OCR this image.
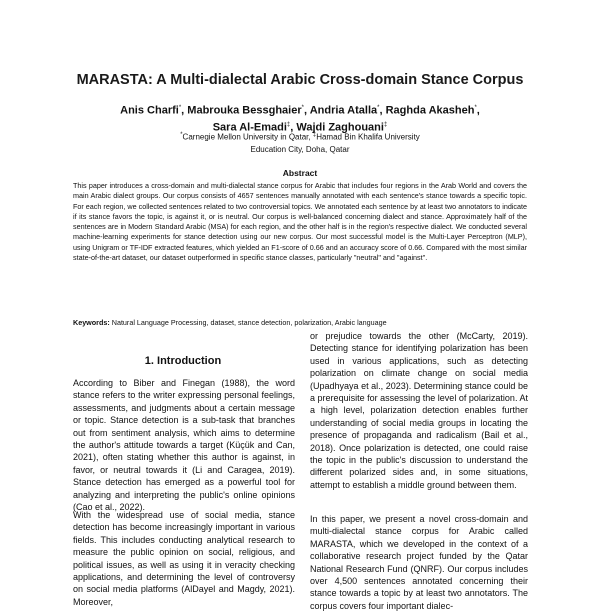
MARASTA: A Multi-dialectal Arabic Cross-domain Stance Corpus
Anis Charfi*, Mabrouka Bessghaier*, Andria Atalla*, Raghda Akasheh*,
Sara Al-Emadi‡, Wajdi Zaghouani‡
*Carnegie Mellon University in Qatar, ‡Hamad Bin Khalifa University
Education City, Doha, Qatar
Abstract
This paper introduces a cross-domain and multi-dialectal stance corpus for Arabic that includes four regions in the Arab World and covers the main Arabic dialect groups. Our corpus consists of 4657 sentences manually annotated with each sentence's stance towards a specific topic. For each region, we collected sentences related to two controversial topics. We annotated each sentence by at least two annotators to indicate if its stance favors the topic, is against it, or is neutral. Our corpus is well-balanced concerning dialect and stance. Approximately half of the sentences are in Modern Standard Arabic (MSA) for each region, and the other half is in the region's respective dialect. We conducted several machine-learning experiments for stance detection using our new corpus. Our most successful model is the Multi-Layer Perceptron (MLP), using Unigram or TF-IDF extracted features, which yielded an F1-score of 0.66 and an accuracy score of 0.66. Compared with the most similar state-of-the-art dataset, our dataset outperformed in specific stance classes, particularly "neutral" and "against".
Keywords: Natural Language Processing, dataset, stance detection, polarization, Arabic language
1. Introduction
According to Biber and Finegan (1988), the word stance refers to the writer expressing personal feelings, assessments, and judgments about a certain message or topic. Stance detection is a sub-task that branches out from sentiment analysis, which aims to determine the author's attitude towards a target (Küçük and Can, 2021), often stating whether this author is against, in favor, or neutral towards it (Li and Caragea, 2019). Stance detection has emerged as a powerful tool for analyzing and interpreting the public's online opinions (Cao et al., 2022).
With the widespread use of social media, stance detection has become increasingly important in various fields. This includes conducting analytical research to measure the public opinion on social, religious, and political issues, as well as using it in veracity checking applications, and determining the level of controversy on social media platforms (AlDayel and Magdy, 2021). Moreover,
or prejudice towards the other (McCarty, 2019). Detecting stance for identifying polarization has been used in various applications, such as detecting polarization on climate change on social media (Upadhyaya et al., 2023). Determining stance could be a prerequisite for assessing the level of polarization. At a high level, polarization detection enables further understanding of social media groups in locating the presence of propaganda and radicalism (Bail et al., 2018). Once polarization is detected, one could raise the topic in the public's discussion to understand the different polarized sides and, in some situations, attempt to establish a middle ground between them.
In this paper, we present a novel cross-domain and multi-dialectal stance corpus for Arabic called MARASTA, which we developed in the context of a collaborative research project funded by the Qatar National Research Fund (QNRF). Our corpus includes over 4,500 sentences annotated concerning their stance towards a topic by at least two annotators. The corpus covers four important dialec-
